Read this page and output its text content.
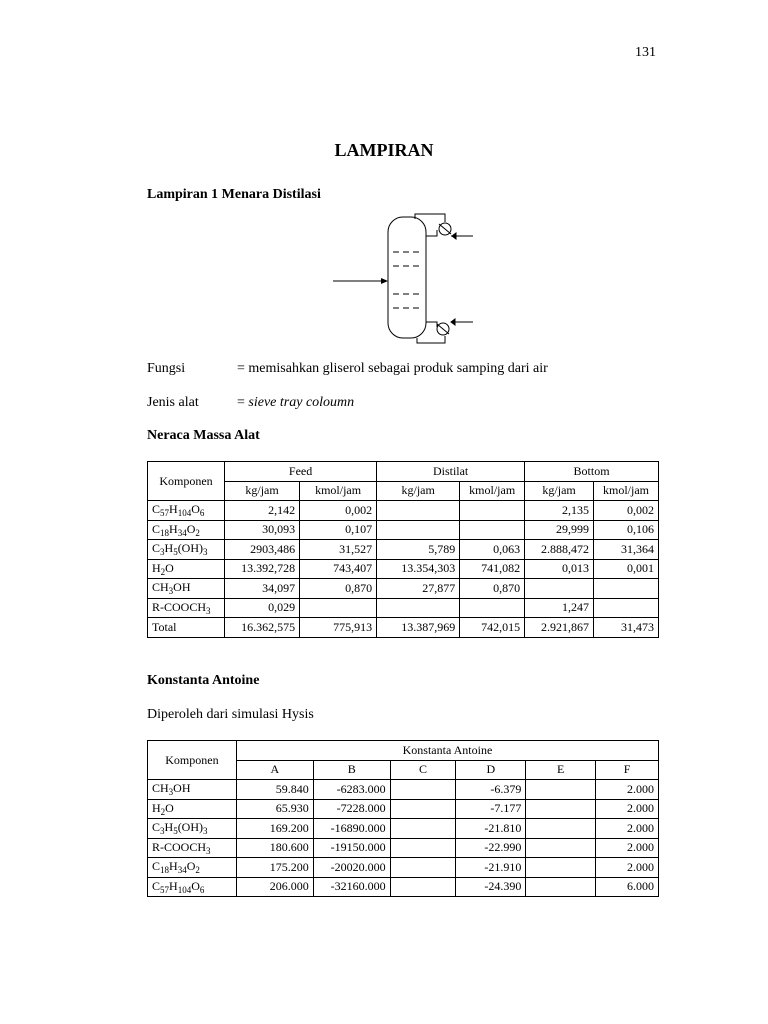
131
LAMPIRAN
Lampiran 1 Menara Distilasi
Fungsi	= memisahkan gliserol sebagai produk samping dari air
Jenis alat	= sieve tray coloumn
Neraca Massa Alat
Komponen	Feed		Distilat		Bottom	
	kg/jam	kmol/jam	kg/jam	kmol/jam	kg/jam	kmol/jam
$C_{57}H_{104}O_6$	2,142	0,002			2,135	0,002
$C_{18}H_{34}O_2$	30,093	0,107			29,999	0,106
$C_3H_5(OH)_3$	2903,486	31,527	5,789	0,063	2.888,472	31,364
$H_2O$	13.392,728	743,407	13.354,303	741,082	0,013	0,001
$CH_3OH$	34,097	0,870	27,877	0,870		
$R-COOCH_3$	0,029				1,247	
Total	16.362,575	775,913	13.387,969	742,015	2.921,867	31,473
Konstanta Antoine
Diperoleh dari simulasi Hysis
Komponen	Konstanta Antoine					
	A	B	C	D	E	F
$CH_3OH$	59.840	-6283.000		-6.379		2.000
$H_2O$	65.930	-7228.000		-7.177		2.000
$C_3H_5(OH)_3$	169.200	-16890.000		-21.810		2.000
$R-COOCH_3$	180.600	-19150.000		-22.990		2.000
$C_{18}H_{34}O_2$	175.200	-20020.000		-21.910		2.000
$C_{57}H_{104}O_6$	206.000	-32160.000		-24.390		6.000
